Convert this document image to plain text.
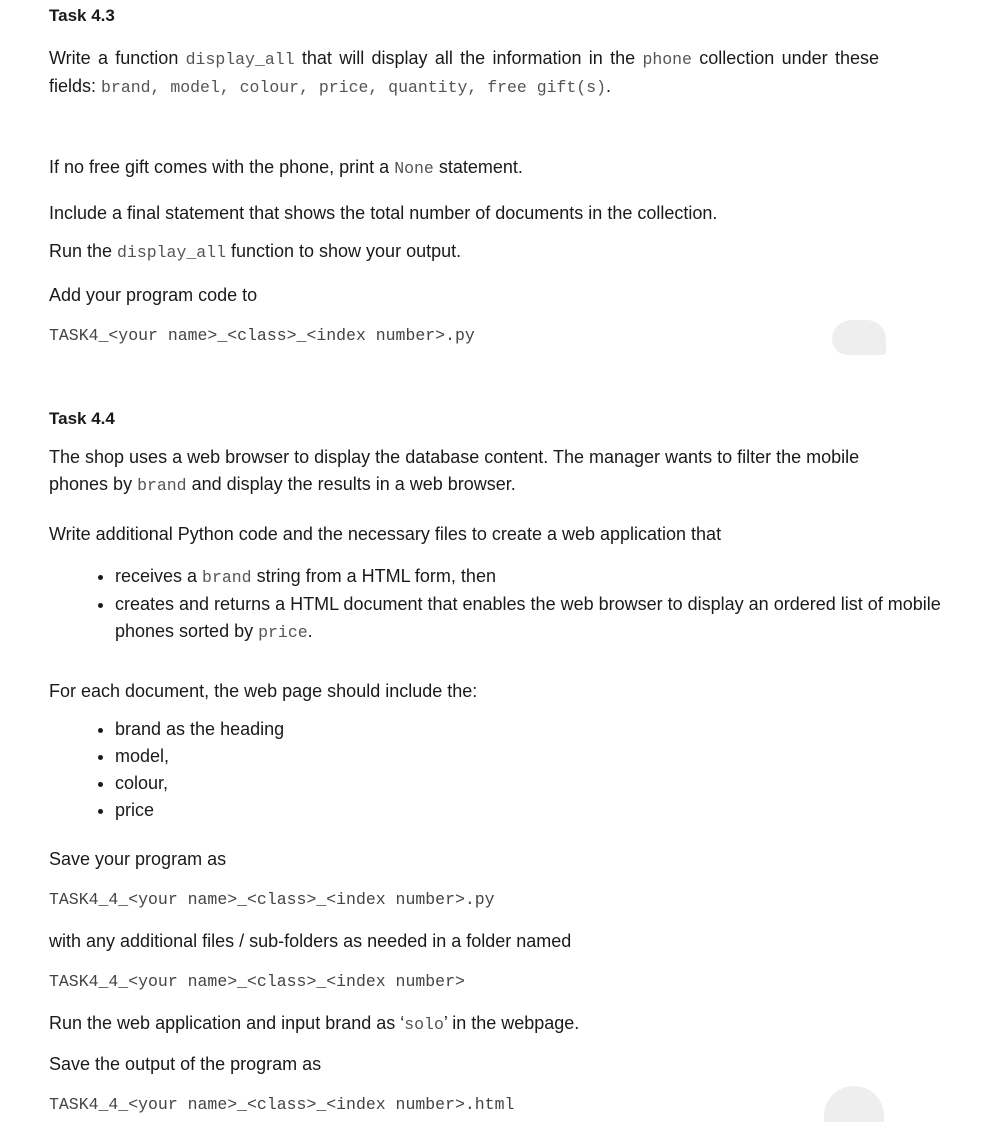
Task 4.3

Write a function display_all that will display all the information in the phone collection under these fields: brand, model, colour, price, quantity, free gift(s).

If no free gift comes with the phone, print a None statement.

Include a final statement that shows the total number of documents in the collection.

Run the display_all function to show your output.

Add your program code to

TASK4_<your name>_<class>_<index number>.py

Task 4.4

The shop uses a web browser to display the database content. The manager wants to filter the mobile phones by brand and display the results in a web browser.

Write additional Python code and the necessary files to create a web application that

• receives a brand string from a HTML form, then
• creates and returns a HTML document that enables the web browser to display an ordered list of mobile phones sorted by price.

For each document, the web page should include the:

• brand as the heading
• model,
• colour,
• price

Save your program as

TASK4_4_<your name>_<class>_<index number>.py

with any additional files / sub-folders as needed in a folder named

TASK4_4_<your name>_<class>_<index number>

Run the web application and input brand as ‘solo’ in the webpage.

Save the output of the program as

TASK4_4_<your name>_<class>_<index number>.html
